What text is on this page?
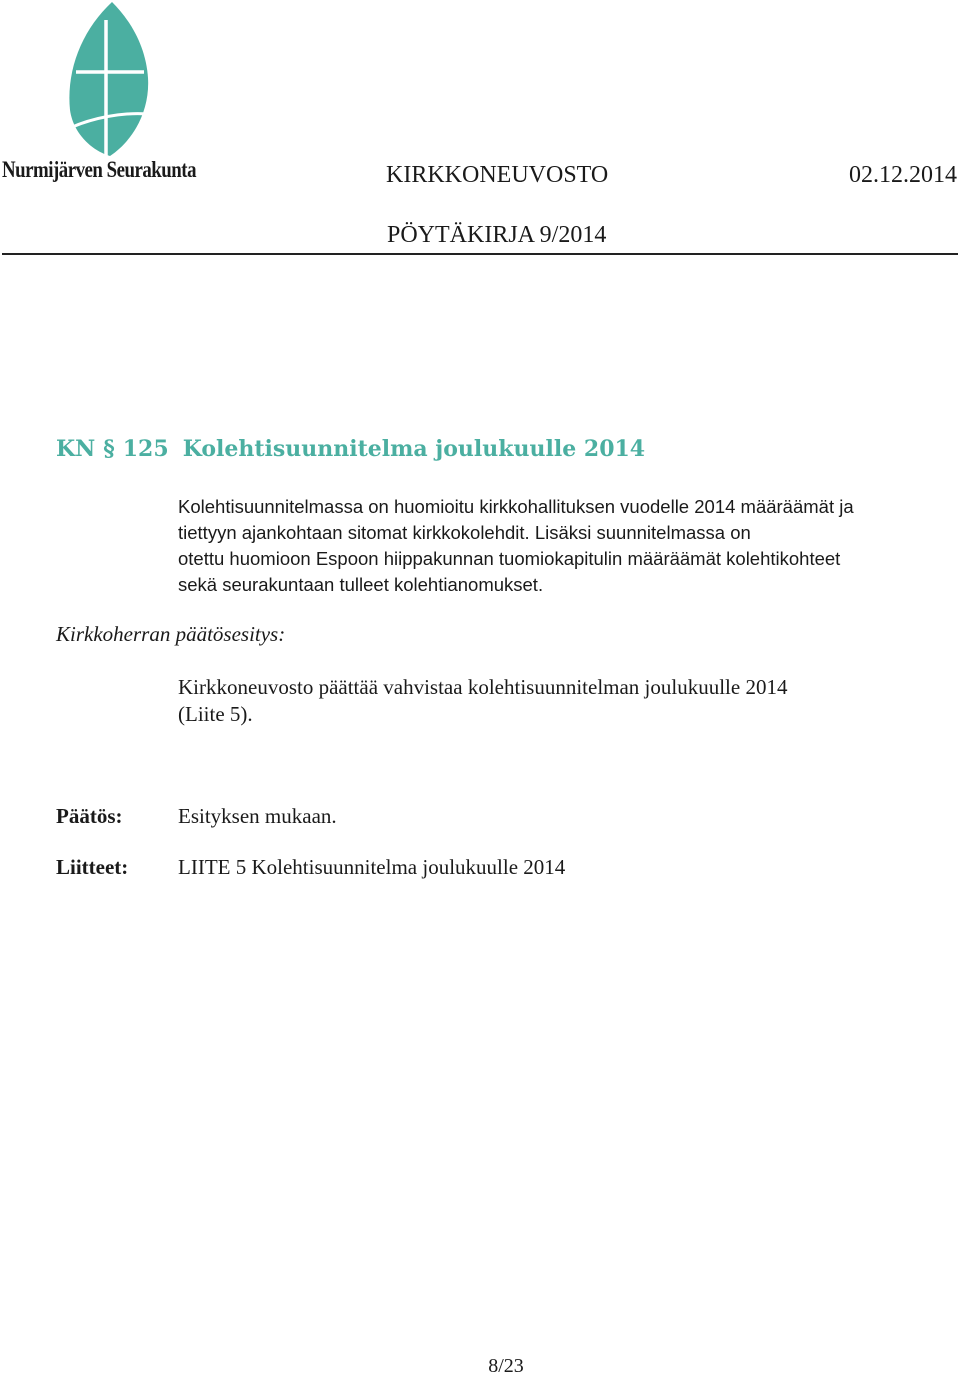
Nurmijärven Seurakunta	KIRKKONEUVOSTO	02.12.2014
PÖYTÄKIRJA 9/2014
KN § 125 Kolehtisuunnitelma joulukuulle 2014
Kolehtisuunnitelmassa on huomioitu kirkkohallituksen vuodelle 2014 määräämät ja
tiettyyn ajankohtaan sitomat kirkkokolehdit. Lisäksi suunnitelmassa on
otettu huomioon Espoon hiippakunnan tuomiokapitulin määräämät kolehtikohteet
sekä seurakuntaan tulleet kolehtianomukset.
Kirkkoherran päätösesitys:
Kirkkoneuvosto päättää vahvistaa kolehtisuunnitelman joulukuulle 2014
(Liite 5).
Päätös:	Esityksen mukaan.
Liitteet: LIITE 5 Kolehtisuunnitelma joulukuulle 2014
8/23
